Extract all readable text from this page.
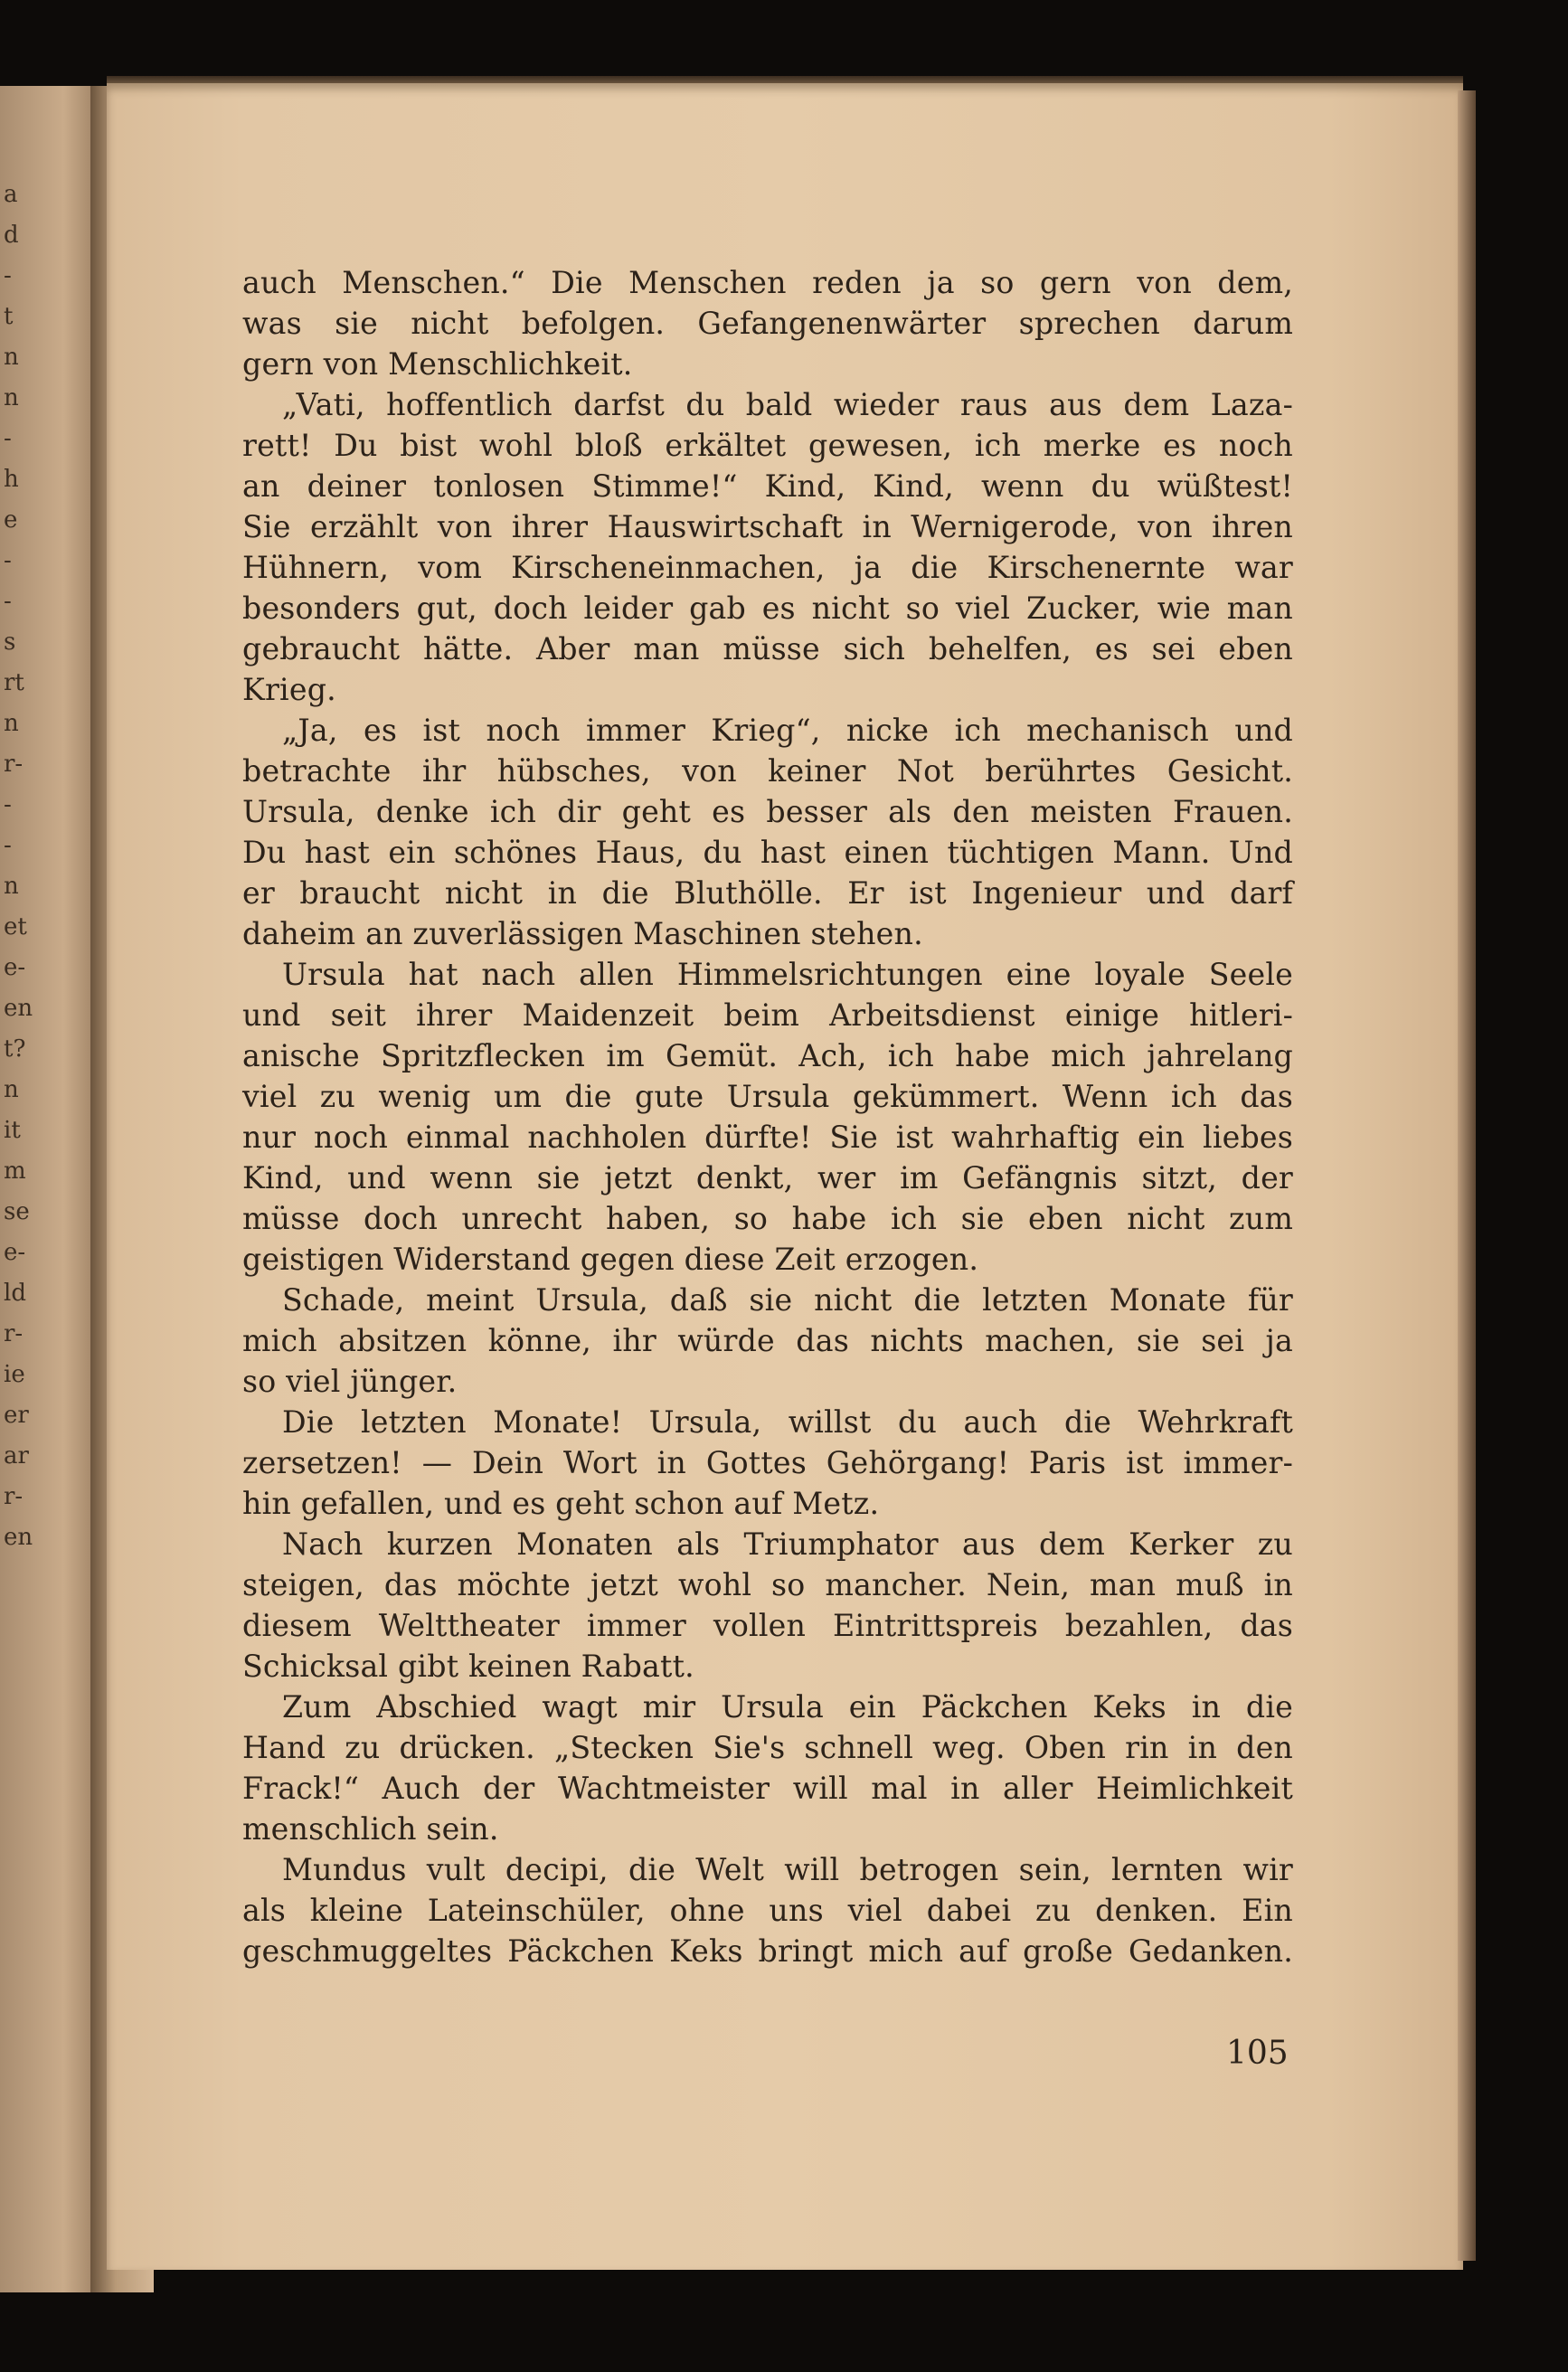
a
d
-
t
n
n
-
h
e
-
-
s
rt
n
r-
-
-
n
et
e-
en
t?
n
it
m
se
e-
ld
r-
ie
er
ar
r-
en
auch Menschen.“ Die Menschen reden ja so gern von dem,
was sie nicht befolgen. Gefangenenwärter sprechen darum
gern von Menschlichkeit.
„Vati, hoffentlich darfst du bald wieder raus aus dem Laza-
rett! Du bist wohl bloß erkältet gewesen, ich merke es noch
an deiner tonlosen Stimme!“ Kind, Kind, wenn du wüßtest!
Sie erzählt von ihrer Hauswirtschaft in Wernigerode, von ihren
Hühnern, vom Kirscheneinmachen, ja die Kirschenernte war
besonders gut, doch leider gab es nicht so viel Zucker, wie man
gebraucht hätte. Aber man müsse sich behelfen, es sei eben
Krieg.
„Ja, es ist noch immer Krieg“, nicke ich mechanisch und
betrachte ihr hübsches, von keiner Not berührtes Gesicht.
Ursula, denke ich dir geht es besser als den meisten Frauen.
Du hast ein schönes Haus, du hast einen tüchtigen Mann. Und
er braucht nicht in die Bluthölle. Er ist Ingenieur und darf
daheim an zuverlässigen Maschinen stehen.
Ursula hat nach allen Himmelsrichtungen eine loyale Seele
und seit ihrer Maidenzeit beim Arbeitsdienst einige hitleri-
anische Spritzflecken im Gemüt. Ach, ich habe mich jahrelang
viel zu wenig um die gute Ursula gekümmert. Wenn ich das
nur noch einmal nachholen dürfte! Sie ist wahrhaftig ein liebes
Kind, und wenn sie jetzt denkt, wer im Gefängnis sitzt, der
müsse doch unrecht haben, so habe ich sie eben nicht zum
geistigen Widerstand gegen diese Zeit erzogen.
Schade, meint Ursula, daß sie nicht die letzten Monate für
mich absitzen könne, ihr würde das nichts machen, sie sei ja
so viel jünger.
Die letzten Monate! Ursula, willst du auch die Wehrkraft
zersetzen! — Dein Wort in Gottes Gehörgang! Paris ist immer-
hin gefallen, und es geht schon auf Metz.
Nach kurzen Monaten als Triumphator aus dem Kerker zu
steigen, das möchte jetzt wohl so mancher. Nein, man muß in
diesem Welttheater immer vollen Eintrittspreis bezahlen, das
Schicksal gibt keinen Rabatt.
Zum Abschied wagt mir Ursula ein Päckchen Keks in die
Hand zu drücken. „Stecken Sie's schnell weg. Oben rin in den
Frack!“ Auch der Wachtmeister will mal in aller Heimlichkeit
menschlich sein.
Mundus vult decipi, die Welt will betrogen sein, lernten wir
als kleine Lateinschüler, ohne uns viel dabei zu denken. Ein
geschmuggeltes Päckchen Keks bringt mich auf große Gedanken.
105
